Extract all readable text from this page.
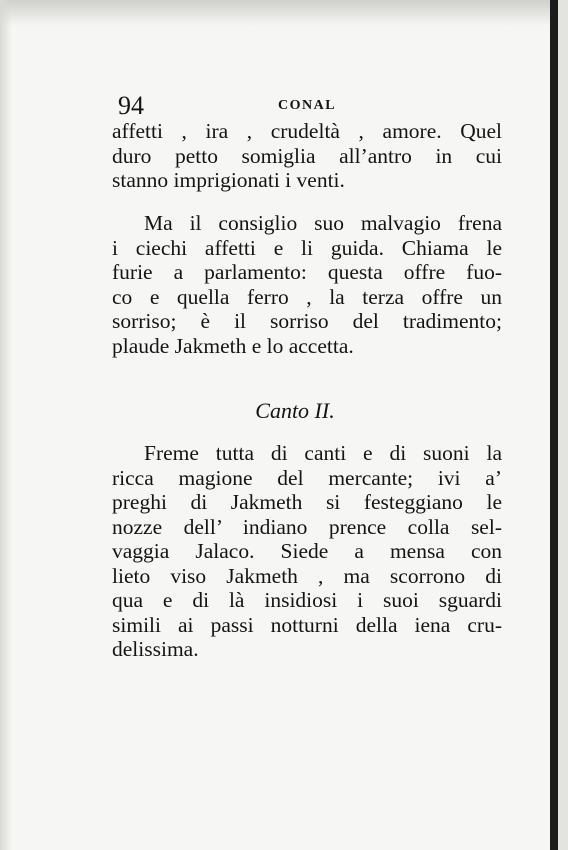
94	CONAL
affetti , ira , crudeltà , amore. Quel
duro petto somiglia all’antro in cui
stanno imprigionati i venti.
Ma il consiglio suo malvagio frena
i ciechi affetti e li guida. Chiama le
furie a parlamento: questa offre fuo-
co e quella ferro , la terza offre un
sorriso; è il sorriso del tradimento;
plaude Jakmeth e lo accetta.
Canto II.
Freme tutta di canti e di suoni la
ricca magione del mercante; ivi a’
preghi di Jakmeth si festeggiano le
nozze dell’ indiano prence colla sel-
vaggia Jalaco. Siede a mensa con
lieto viso Jakmeth , ma scorrono di
qua e di là insidiosi i suoi sguardi
simili ai passi notturni della iena cru-
delissima.
